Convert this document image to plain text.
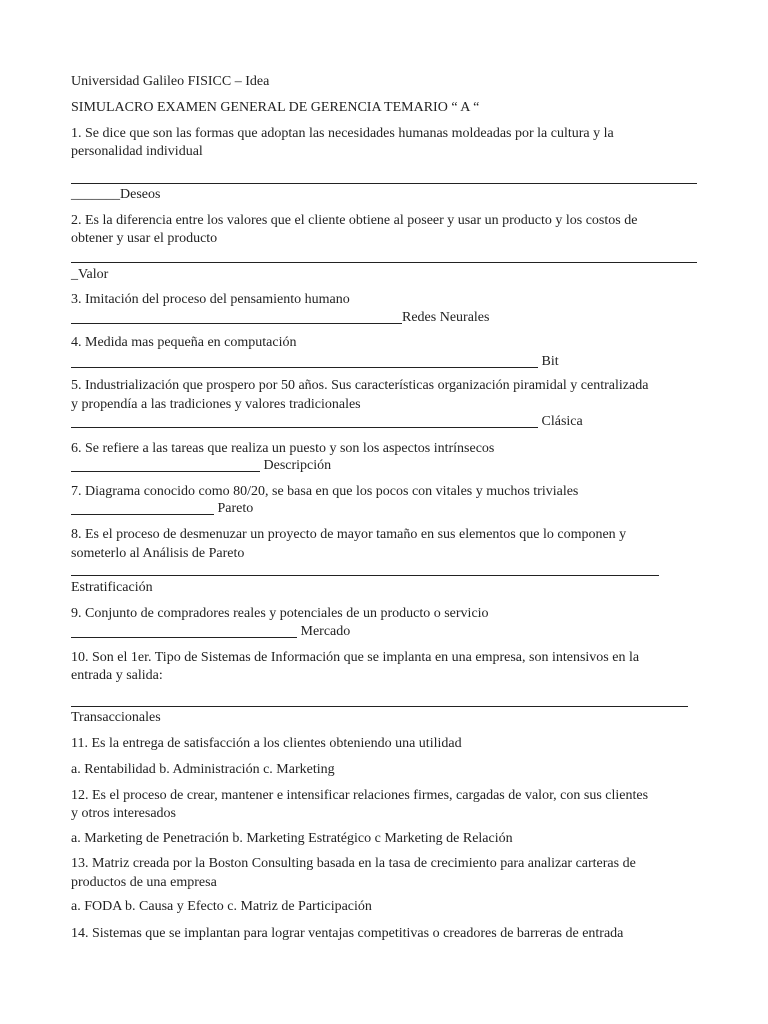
Universidad Galileo FISICC – Idea
SIMULACRO EXAMEN GENERAL DE GERENCIA TEMARIO “ A “
1. Se dice que son las formas que adoptan las necesidades humanas moldeadas por la cultura y la
personalidad individual
_______Deseos
2. Es la diferencia entre los valores que el cliente obtiene al poseer y usar un producto y los costos de
obtener y usar el producto
_Valor
3. Imitación del proceso del pensamiento humano
Redes Neurales
4. Medida mas pequeña en computación
Bit
5. Industrialización que prospero por 50 años. Sus características organización piramidal y centralizada
y propendía a las tradiciones y valores tradicionales
Clásica
6. Se refiere a las tareas que realiza un puesto y son los aspectos intrínsecos
Descripción
7. Diagrama conocido como 80/20, se basa en que los pocos con vitales y muchos triviales
Pareto
8. Es el proceso de desmenuzar un proyecto de mayor tamaño en sus elementos que lo componen y
someterlo al Análisis de Pareto
Estratificación
9. Conjunto de compradores reales y potenciales de un producto o servicio
Mercado
10. Son el 1er. Tipo de Sistemas de Información que se implanta en una empresa, son intensivos en la
entrada y salida:
Transaccionales
11. Es la entrega de satisfacción a los clientes obteniendo una utilidad
a. Rentabilidad b. Administración c. Marketing
12. Es el proceso de crear, mantener e intensificar relaciones firmes, cargadas de valor, con sus clientes
y otros interesados
a. Marketing de Penetración b. Marketing Estratégico c Marketing de Relación
13. Matriz creada por la Boston Consulting basada en la tasa de crecimiento para analizar carteras de
productos de una empresa
a. FODA b. Causa y Efecto c. Matriz de Participación
14. Sistemas que se implantan para lograr ventajas competitivas o creadores de barreras de entrada
